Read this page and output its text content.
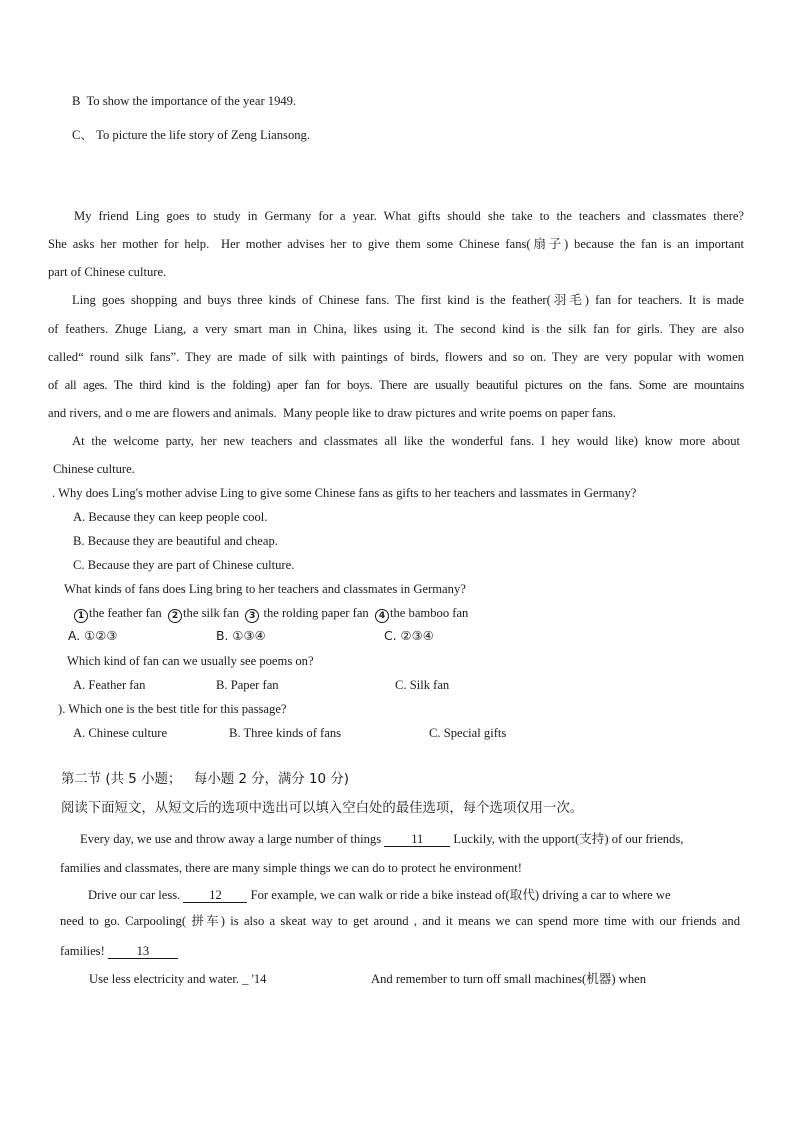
B  To show the importance of the year 1949.
C、 To picture the life story of Zeng Liansong.
My friend Ling goes to study in Germany for a year. What gifts should she take to the teachers and classmates there?
She asks her mother for help.  Her mother advises her to give them some Chinese fans(扇子) because the fan is an important
part of Chinese culture.
Ling goes shopping and buys three kinds of Chinese fans. The first kind is the feather(羽毛) fan for teachers. It is made
of feathers. Zhuge Liang, a very smart man in China, likes using it. The second kind is the silk fan for girls. They are also
called“ round silk fans”. They are made of silk with paintings of birds, flowers and so on. They are very popular with women
of all ages. The third kind is the folding) aper fan for boys. There are usually beautiful pictures on the fans. Some are mountains
and rivers, and o me are flowers and animals.  Many people like to draw pictures and write poems on paper fans.
At the welcome party, her new teachers and classmates all like the wonderful fans. I hey would like) know more about
Chinese culture.
. Why does Ling's mother advise Ling to give some Chinese fans as gifts to her teachers and lassmates in Germany?
A. Because they can keep people cool.
B. Because they are beautiful and cheap.
C. Because they are part of Chinese culture.
What kinds of fans does Ling bring to her teachers and classmates in Germany?
1 the feather fan  2 the silk fan  3 the rolding paper fan  4 the bamboo fan
A. ①②③	B. ①③④	C. ②③④
Which kind of fan can we usually see poems on?
A. Feather fan	B. Paper fan	C. Silk fan
). Which one is the best title for this passage?
A. Chinese culture	B. Three kinds of fans	C. Special gifts
第二节 (共 5 小题；   每小题 2 分，满分 10 分)
阅读下面短文，从短文后的选项中选出可以填入空白处的最佳选项，每个选项仅用一次。
Every day, we use and throw away a large number of things 11 Luckily, with the upport(支持) of our friends,
families and classmates, there are many simple things we can do to protect he environment!
Drive our car less. 12 For example, we can walk or ride a bike instead of(取代) driving a car to where we
need to go. Carpooling( 拼车) is also a skeat way to get around , and it means we can spend more time with our friends and
families! 13
Use less electricity and water. _ '14	And remember to turn off small machines(机器) when
